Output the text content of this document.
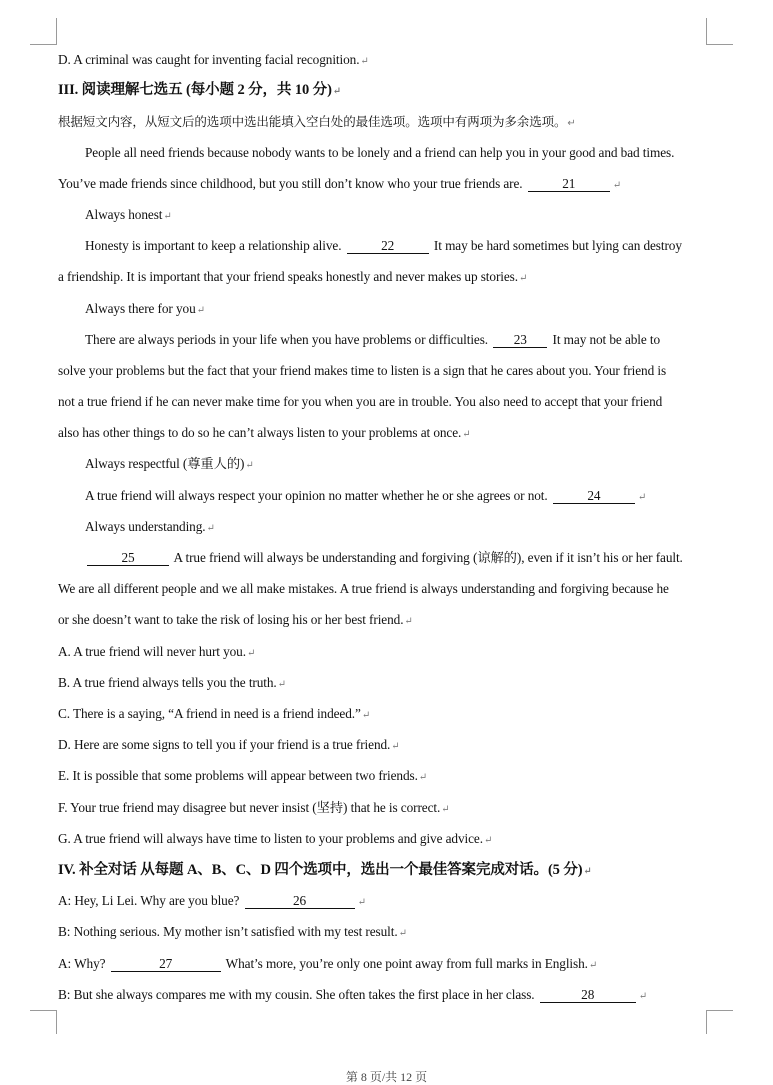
D. A criminal was caught for inventing facial recognition.↵
III. 阅读理解七选五 (每小题 2 分，共 10 分)↵
根据短文内容，从短文后的选项中选出能填入空白处的最佳选项。选项中有两项为多余选项。↵
People all need friends because nobody wants to be lonely and a friend can help you in your good and bad times.
You’ve made friends since childhood, but you still don’t know who your true friends are.	21	↵
Always honest↵
Honesty is important to keep a relationship alive.	22	It may be hard sometimes but lying can destroy
a friendship. It is important that your friend speaks honestly and never makes up stories.↵
Always there for you↵
There are always periods in your life when you have problems or difficulties. 23 It may not be able to
solve your problems but the fact that your friend makes time to listen is a sign that he cares about you. Your friend is
not a true friend if he can never make time for you when you are in trouble. You also need to accept that your friend
also has other things to do so he can’t always listen to your problems at once.↵
Always respectful (尊重人的)↵
A true friend will always respect your opinion no matter whether he or she agrees or not.	24	↵
Always understanding.↵
25	A true friend will always be understanding and forgiving (谅解的), even if it isn’t his or her fault.
We are all different people and we all make mistakes. A true friend is always understanding and forgiving because he
or she doesn’t want to take the risk of losing his or her best friend.↵
A. A true friend will never hurt you.↵
B. A true friend always tells you the truth.↵
C. There is a saying, “A friend in need is a friend indeed.”↵
D. Here are some signs to tell you if your friend is a true friend.↵
E. It is possible that some problems will appear between two friends.↵
F. Your true friend may disagree but never insist (坚持) that he is correct.↵
G. A true friend will always have time to listen to your problems and give advice.↵
IV. 补全对话 从每题 A、B、C、D 四个选项中，选出一个最佳答案完成对话。(5 分)↵
A: Hey, Li Lei. Why are you blue?	26	↵
B: Nothing serious. My mother isn’t satisfied with my test result.↵
A: Why?	27	What’s more, you’re only one point away from full marks in English.↵
B: But she always compares me with my cousin. She often takes the first place in her class.	28	↵
第 8 页/共 12 页
